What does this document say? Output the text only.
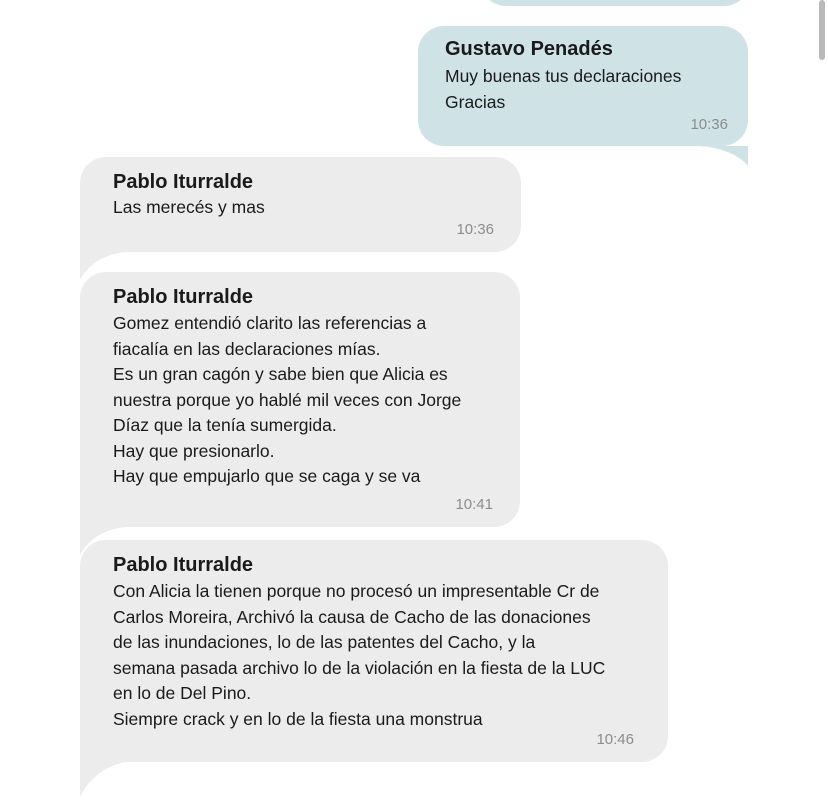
Gustavo Penadés
Muy buenas tus declaraciones
Gracias
10:36
Pablo Iturralde
Las merecés y mas
10:36
Pablo Iturralde
Gomez entendió clarito las referencias a
fiacalía en las declaraciones mías.
Es un gran cagón y sabe bien que Alicia es
nuestra porque yo hablé mil veces con Jorge
Díaz que la tenía sumergida.
Hay que presionarlo.
Hay que empujarlo que se caga y se va
10:41
Pablo Iturralde
Con Alicia la tienen porque no procesó un impresentable Cr de
Carlos Moreira, Archivó la causa de Cacho de las donaciones
de las inundaciones, lo de las patentes del Cacho, y la
semana pasada archivo lo de la violación en la fiesta de la LUC
en lo de Del Pino.
Siempre crack y en lo de la fiesta una monstrua
10:46
